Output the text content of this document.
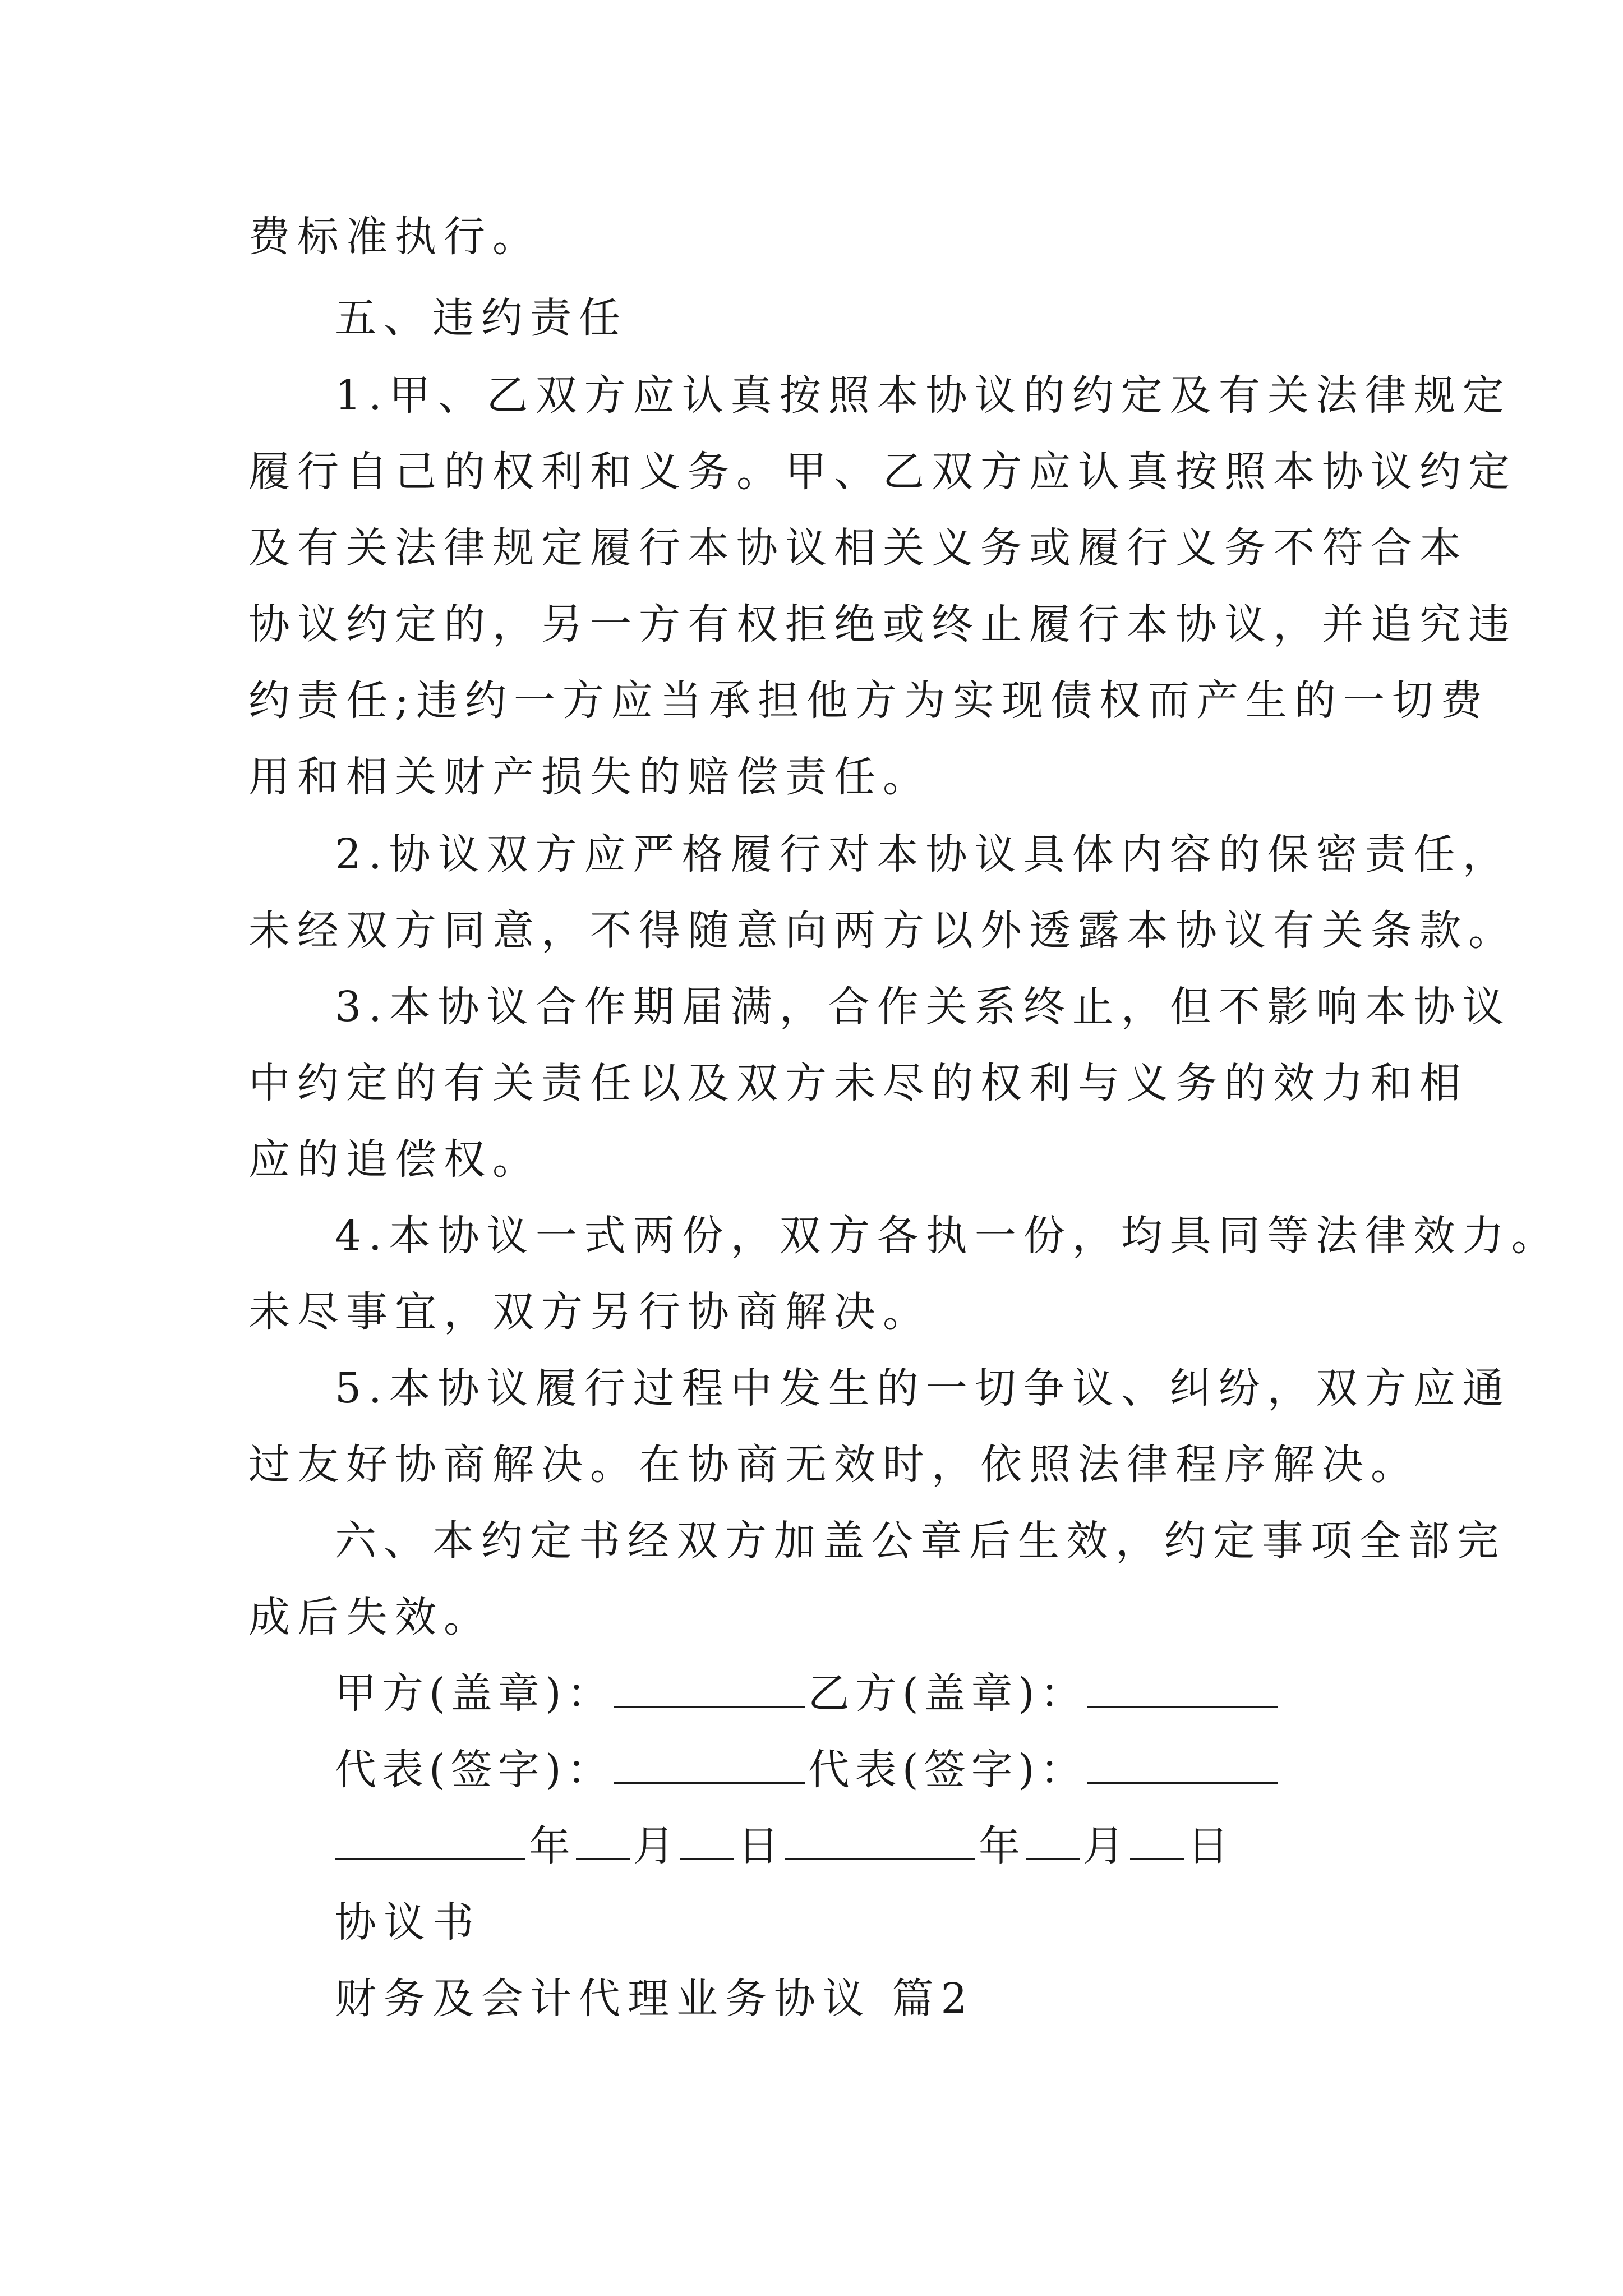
费标准执行。
五、违约责任
1.甲、乙双方应认真按照本协议的约定及有关法律规定
履行自己的权利和义务。甲、乙双方应认真按照本协议约定
及有关法律规定履行本协议相关义务或履行义务不符合本
协议约定的，另一方有权拒绝或终止履行本协议，并追究违
约责任;违约一方应当承担他方为实现债权而产生的一切费
用和相关财产损失的赔偿责任。
2.协议双方应严格履行对本协议具体内容的保密责任，
未经双方同意，不得随意向两方以外透露本协议有关条款。
3.本协议合作期届满，合作关系终止，但不影响本协议
中约定的有关责任以及双方未尽的权利与义务的效力和相
应的追偿权。
4.本协议一式两份，双方各执一份，均具同等法律效力。
未尽事宜，双方另行协商解决。
5.本协议履行过程中发生的一切争议、纠纷，双方应通
过友好协商解决。在协商无效时，依照法律程序解决。
六、本约定书经双方加盖公章后生效，约定事项全部完
成后失效。
甲方(盖章)：	乙方(盖章)：
代表(签字)：	代表(签字)：
年 月 日	年 月 日
协议书
财务及会计代理业务协议 篇2
